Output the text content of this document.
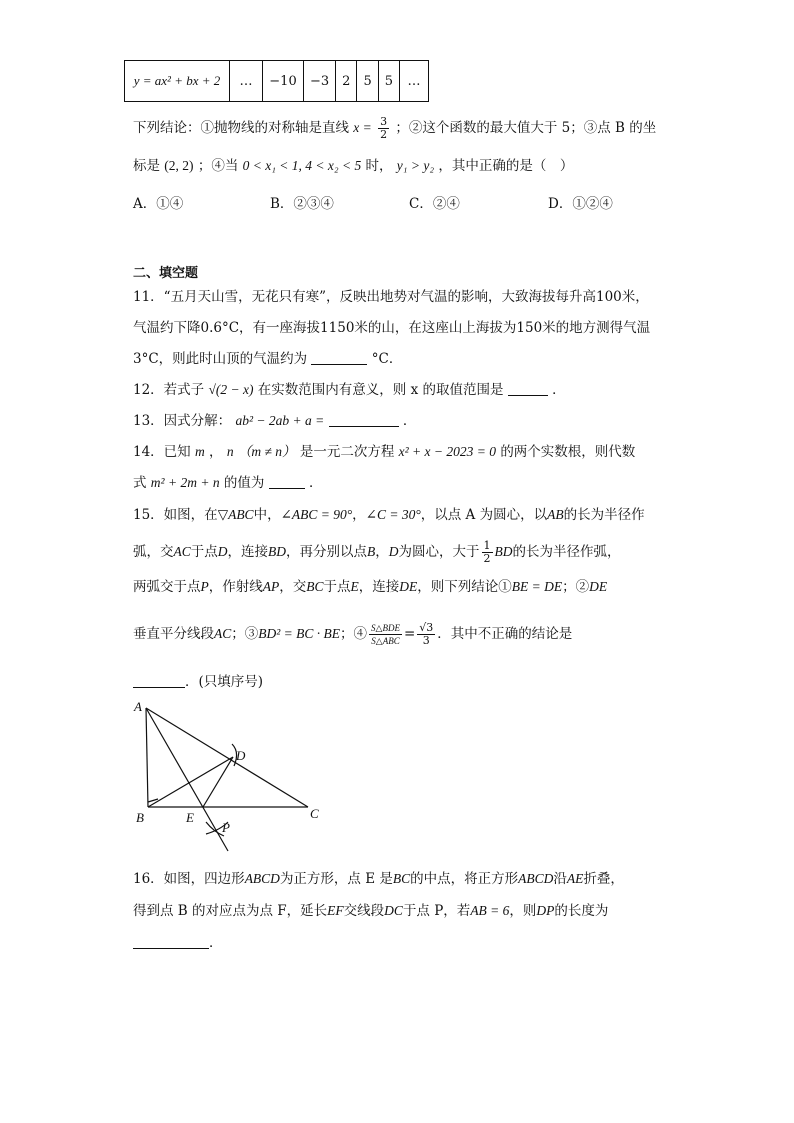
y = ax² + bx + 2	…	−10	−3	2	5	5	…
下列结论：①抛物线的对称轴是直线 $x = \frac{3}{2}$ ；②这个函数的最大值大于 5；③点 B 的坐
标是 (2, 2) ；④当 0 < x₁ < 1, 4 < x₂ < 5 时， y₁ > y₂ ，其中正确的是（　）
A．①④	B．②③④	C．②④	D．①②④
二、填空题
11．“五月天山雪，无花只有寒”，反映出地势对气温的影响，大致海拔每升高100米，
气温约下降0.6°C，有一座海拔1150米的山，在这座山上海拔为150米的地方测得气温
3°C，则此时山顶的气温约为	°C．
12．若式子 √(2 − x) 在实数范围内有意义，则 x 的取值范围是	．
13．因式分解： ab² − 2ab + a =	．
14．已知 m ， n （m ≠ n） 是一元二次方程 x² + x − 2023 = 0 的两个实数根，则代数
式 m² + 2m + n 的值为	．
15．如图，在▽ABC中，∠ABC = 90°，∠C = 30°，以点 A 为圆心，以AB的长为半径作
弧，交AC于点D，连接BD，再分别以点B，D为圆心，大于 $\frac{1}{2}$ BD的长为半径作弧，
两弧交于点P，作射线AP，交BC于点E，连接DE，则下列结论①BE = DE；②DE
垂直平分线段AC；③BD² = BC · BE；④ $\frac{\text{S△BDE}}{\text{S△ABC}} = \frac{√3}{3}$ ．其中不正确的结论是
．(只填序号)
A
B	C
D
E
P
16．如图，四边形ABCD为正方形，点 E 是BC的中点，将正方形ABCD沿AE折叠，
得到点 B 的对应点为点 F，延长EF交线段DC于点 P，若AB = 6，则DP的长度为
．
